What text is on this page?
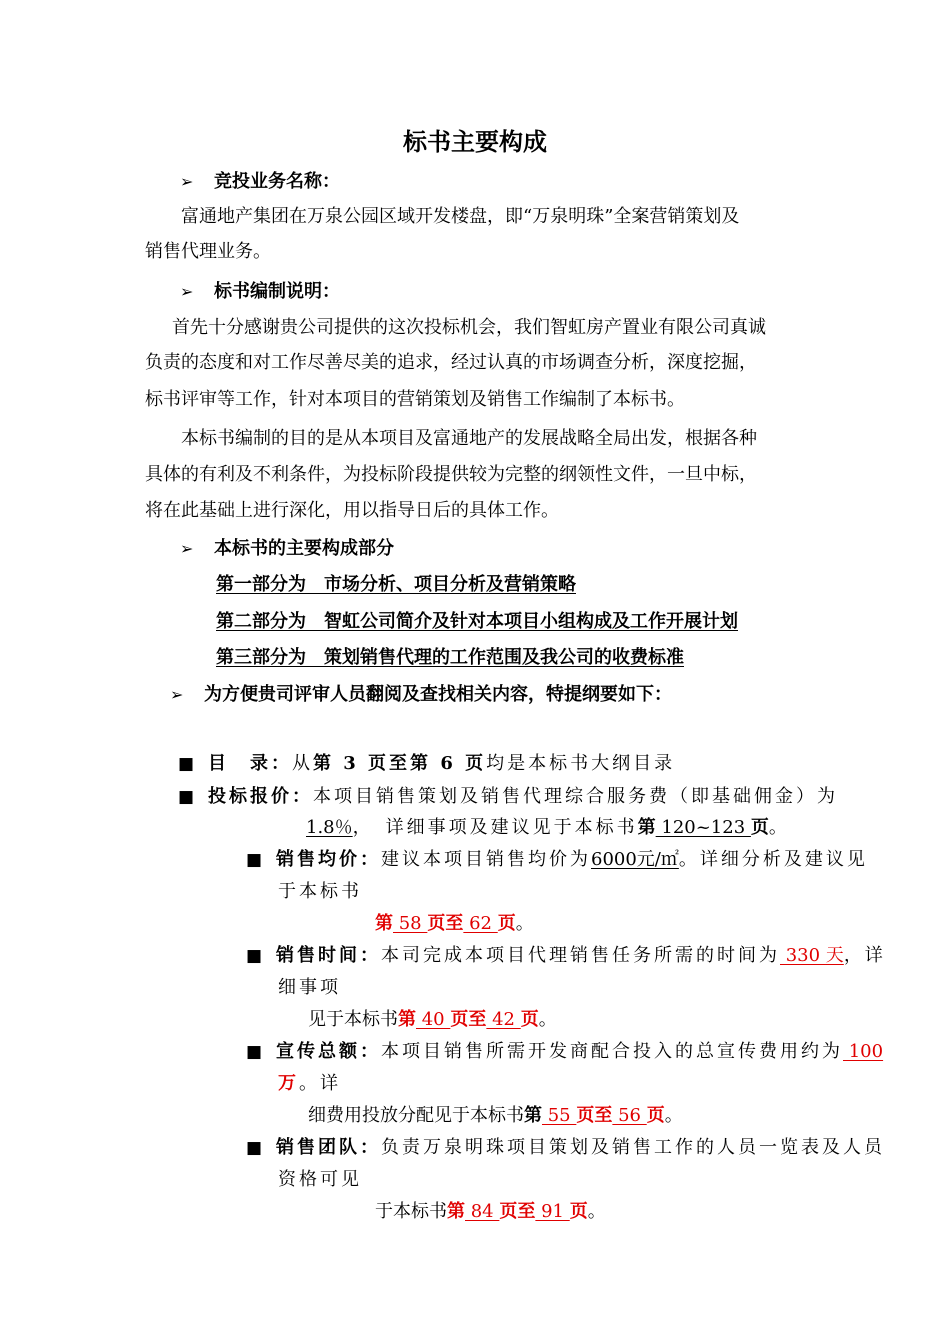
标书主要构成
➢ 竞投业务名称：
富通地产集团在万泉公园区域开发楼盘，即“万泉明珠”全案营销策划及
销售代理业务。
➢ 标书编制说明：
首先十分感谢贵公司提供的这次投标机会，我们智虹房产置业有限公司真诚
负责的态度和对工作尽善尽美的追求，经过认真的市场调查分析，深度挖掘，
标书评审等工作，针对本项目的营销策划及销售工作编制了本标书。
本标书编制的目的是从本项目及富通地产的发展战略全局出发，根据各种
具体的有利及不利条件，为投标阶段提供较为完整的纲领性文件，一旦中标，
将在此基础上进行深化，用以指导日后的具体工作。
➢ 本标书的主要构成部分
第一部分为　市场分析、项目分析及营销策略
第二部分为　智虹公司简介及针对本项目小组构成及工作开展计划
第三部分为　策划销售代理的工作范围及我公司的收费标准
➢ 为方便贵司评审人员翻阅及查找相关内容，特提纲要如下：
■ 目　录：从第 3 页至第 6 页均是本标书大纲目录
■ 投标报价：本项目销售策划及销售代理综合服务费（即基础佣金）为
1.8％，　详细事项及建议见于本标书第 120~123 页。
■ 销售均价：建议本项目销售均价为6000元/㎡。详细分析及建议见
于本标书
第 58 页至 62 页。
■ 销售时间：本司完成本项目代理销售任务所需的时间为 330 天，详
细事项
见于本标书第 40 页至 42 页。
■ 宣传总额：本项目销售所需开发商配合投入的总宣传费用约为 100
万。详
细费用投放分配见于本标书第 55 页至 56 页。
■ 销售团队：负责万泉明珠项目策划及销售工作的人员一览表及人员
资格可见
于本标书第 84 页至 91 页。
